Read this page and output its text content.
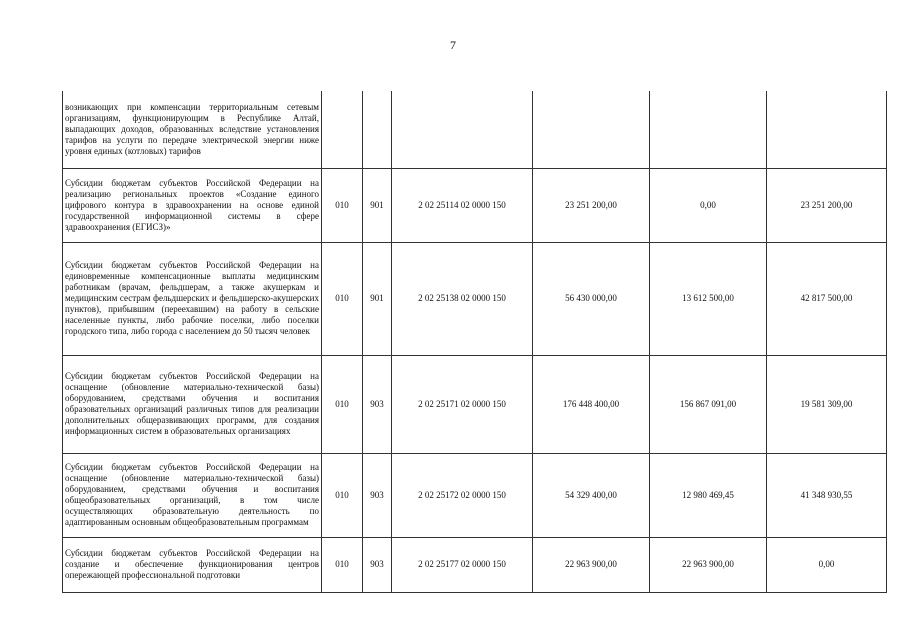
7
возникающих при компенсации территориальным сетевым организациям, функционирующим в Республике Алтай, выпадающих доходов, образованных вследствие установления тарифов на услуги по передаче электрической энергии ниже уровня единых (котловых) тарифов						
Субсидии бюджетам субъектов Российской Федерации на реализацию региональных проектов «Создание единого цифрового контура в здравоохранении на основе единой государственной информационной системы в сфере здравоохранения (ЕГИСЗ)»	010	901	2 02 25114 02 0000 150	23 251 200,00	0,00	23 251 200,00
Субсидии бюджетам субъектов Российской Федерации на единовременные компенсационные выплаты медицинским работникам (врачам, фельдшерам, а также акушеркам и медицинским сестрам фельдшерских и фельдшерско-акушерских пунктов), прибывшим (переехавшим) на работу в сельские населенные пункты, либо рабочие поселки, либо поселки городского типа, либо города с населением до 50 тысяч человек	010	901	2 02 25138 02 0000 150	56 430 000,00	13 612 500,00	42 817 500,00
Субсидии бюджетам субъектов Российской Федерации на оснащение (обновление материально-технической базы) оборудованием, средствами обучения и воспитания образовательных организаций различных типов для реализации дополнительных общеразвивающих программ, для создания информационных систем в образовательных организациях	010	903	2 02 25171 02 0000 150	176 448 400,00	156 867 091,00	19 581 309,00
Субсидии бюджетам субъектов Российской Федерации на оснащение (обновление материально-технической базы) оборудованием, средствами обучения и воспитания общеобразовательных организаций, в том числе осуществляющих образовательную деятельность по адаптированным основным общеобразовательным программам	010	903	2 02 25172 02 0000 150	54 329 400,00	12 980 469,45	41 348 930,55
Субсидии бюджетам субъектов Российской Федерации на создание и обеспечение функционирования центров опережающей профессиональной подготовки	010	903	2 02 25177 02 0000 150	22 963 900,00	22 963 900,00	0,00
